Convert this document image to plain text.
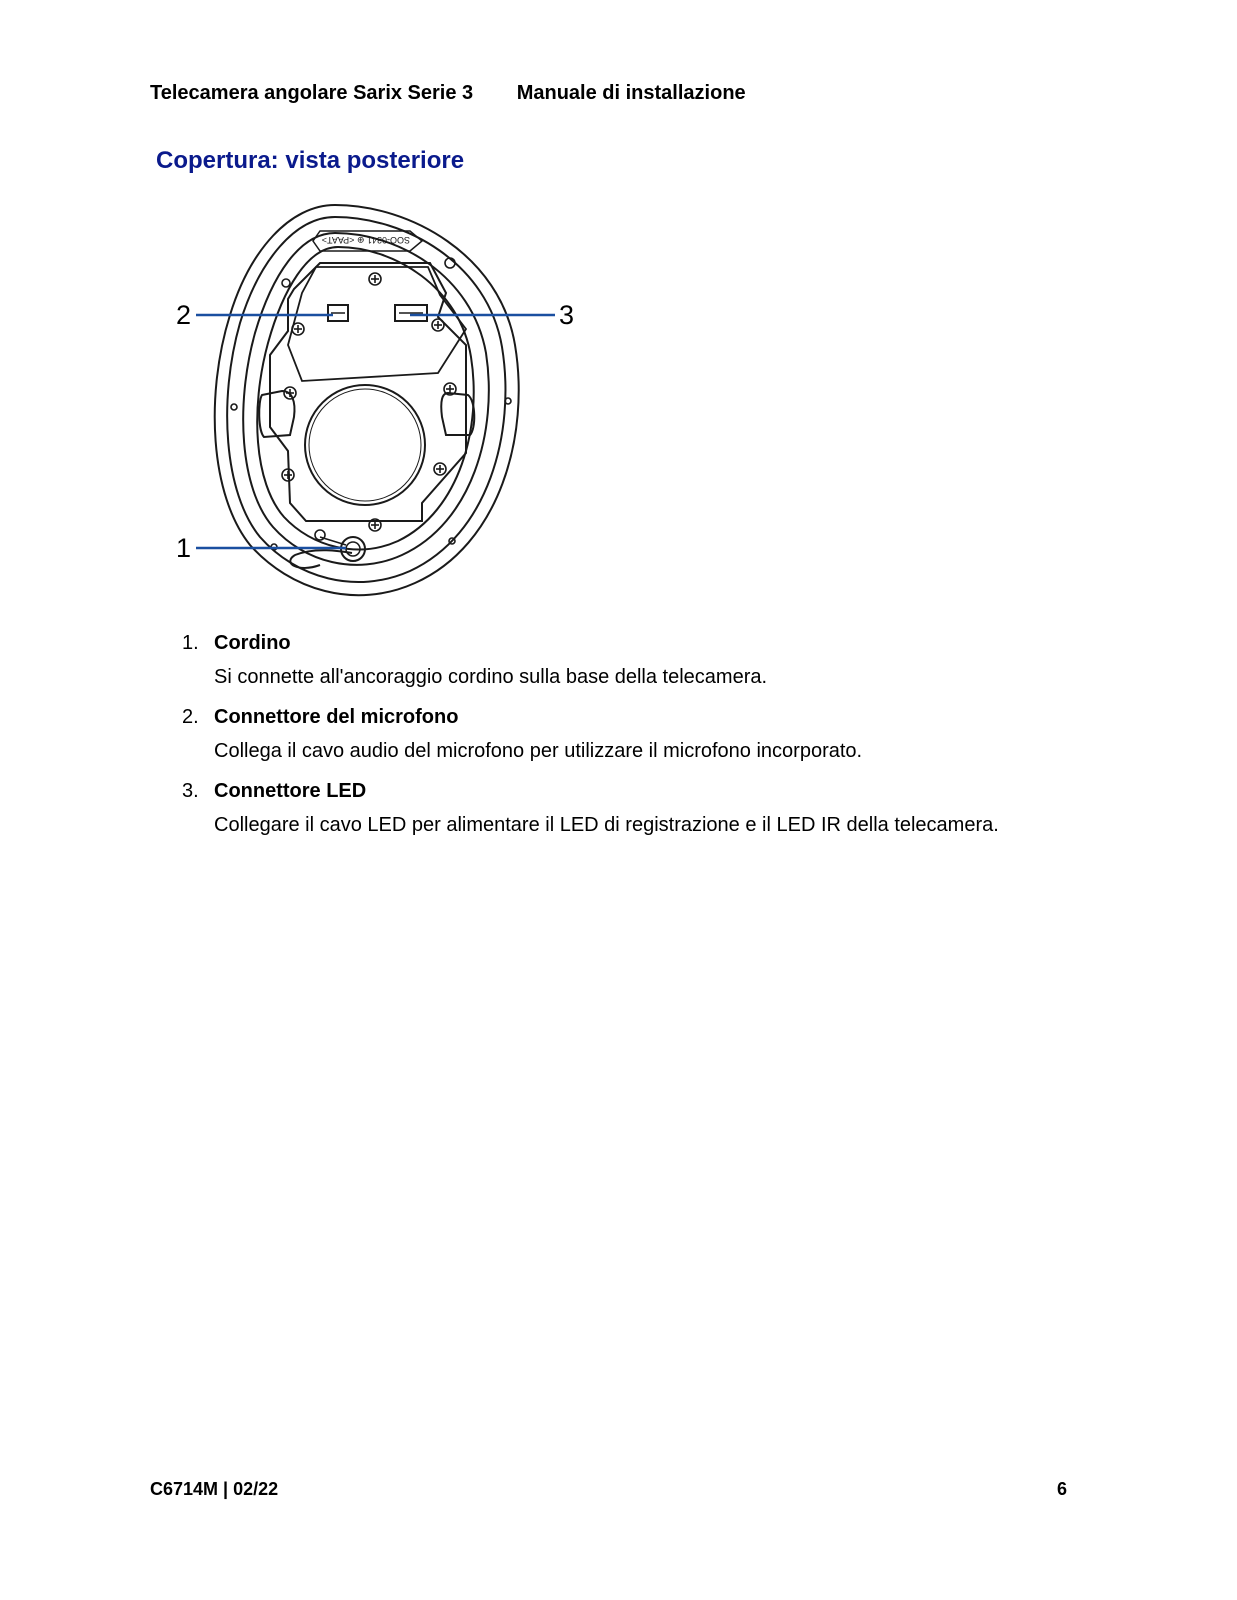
Telecamera angolare Sarix Serie 3 Manuale di installazione
Copertura: vista posteriore
SOO-0341 ⊕ <PAAT>
2	3
1
1. Cordino
Si connette all'ancoraggio cordino sulla base della telecamera.
2. Connettore del microfono
Collega il cavo audio del microfono per utilizzare il microfono incorporato.
3. Connettore LED
Collegare il cavo LED per alimentare il LED di registrazione e il LED IR della telecamera.
C6714M | 02/22	6
